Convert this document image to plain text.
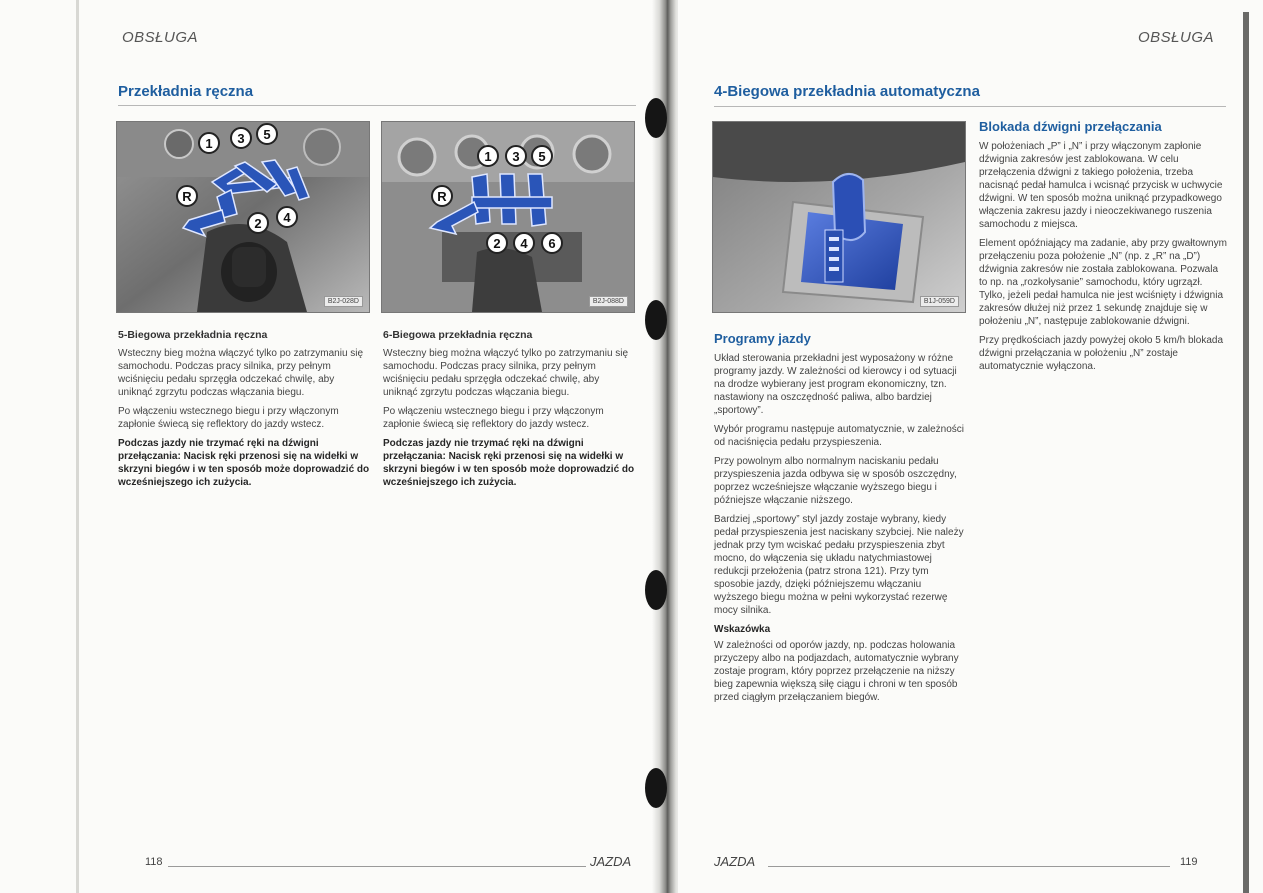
OBSŁUGA
Przekładnia ręczna
1 3 5
R
2 4
B2J-028D
1 3 5
R
2 4 6
B2J-088D
5-Biegowa przekładnia ręczna

Wsteczny bieg można włączyć tylko po zatrzymaniu się samochodu. Podczas pracy silnika, przy pełnym wciśnięciu pedału sprzęgła odczekać chwilę, aby uniknąć zgrzytu podczas włączania biegu.

Po włączeniu wstecznego biegu i przy włączonym zapłonie świecą się reflektory do jazdy wstecz.

Podczas jazdy nie trzymać ręki na dźwigni przełączania: Nacisk ręki przenosi się na widełki w skrzyni biegów i w ten sposób może doprowadzić do wcześniejszego ich zużycia.

6-Biegowa przekładnia ręczna

Wsteczny bieg można włączyć tylko po zatrzymaniu się samochodu. Podczas pracy silnika, przy pełnym wciśnięciu pedału sprzęgła odczekać chwilę, aby uniknąć zgrzytu podczas włączania biegu.

Po włączeniu wstecznego biegu i przy włączonym zapłonie świecą się reflektory do jazdy wstecz.

Podczas jazdy nie trzymać ręki na dźwigni przełączania: Nacisk ręki przenosi się na widełki w skrzyni biegów i w ten sposób może doprowadzić do wcześniejszego ich zużycia.

118	JAZDA
OBSŁUGA
4-Biegowa przekładnia automatyczna
B1J-059D
Programy jazdy

Układ sterowania przekładni jest wyposażony w różne programy jazdy. W zależności od kierowcy i od sytuacji na drodze wybierany jest program ekonomiczny, tzn. nastawiony na oszczędność paliwa, albo bardziej „sportowy”.

Wybór programu następuje automatycznie, w zależności od naciśnięcia pedału przyspieszenia.

Przy powolnym albo normalnym naciskaniu pedału przyspieszenia jazda odbywa się w sposób oszczędny, poprzez wcześniejsze włączanie wyższego biegu i późniejsze włączanie niższego.

Bardziej „sportowy” styl jazdy zostaje wybrany, kiedy pedał przyspieszenia jest naciskany szybciej. Nie należy jednak przy tym wciskać pedału przyspieszenia zbyt mocno, do włączenia się układu natychmiastowej redukcji przełożenia (patrz strona 121). Przy tym sposobie jazdy, dzięki późniejszemu włączaniu wyższego biegu można w pełni wykorzystać rezerwę mocy silnika.

Wskazówka

W zależności od oporów jazdy, np. podczas holowania przyczepy albo na podjazdach, automatycznie wybrany zostaje program, który poprzez przełączenie na niższy bieg zapewnia większą siłę ciągu i chroni w ten sposób przed ciągłym przełączaniem biegów.

Blokada dźwigni przełączania

W położeniach „P” i „N” i przy włączonym zapłonie dźwignia zakresów jest zablokowana. W celu przełączenia dźwigni z takiego położenia, trzeba nacisnąć pedał hamulca i wcisnąć przycisk w uchwycie dźwigni. W ten sposób można uniknąć przypadkowego włączenia zakresu jazdy i nieoczekiwanego ruszenia samochodu z miejsca.

Element opóźniający ma zadanie, aby przy gwałtownym przełączeniu poza położenie „N” (np. z „R” na „D”) dźwignia zakresów nie została zablokowana. Pozwala to np. na „rozkołysanie” samochodu, który ugrzązł. Tylko, jeżeli pedał hamulca nie jest wciśnięty i dźwignia zakresów dłużej niż przez 1 sekundę znajduje się w położeniu „N”, następuje zablokowanie dźwigni.

Przy prędkościach jazdy powyżej około 5 km/h blokada dźwigni przełączania w położeniu „N” zostaje automatycznie wyłączona.

JAZDA	119
